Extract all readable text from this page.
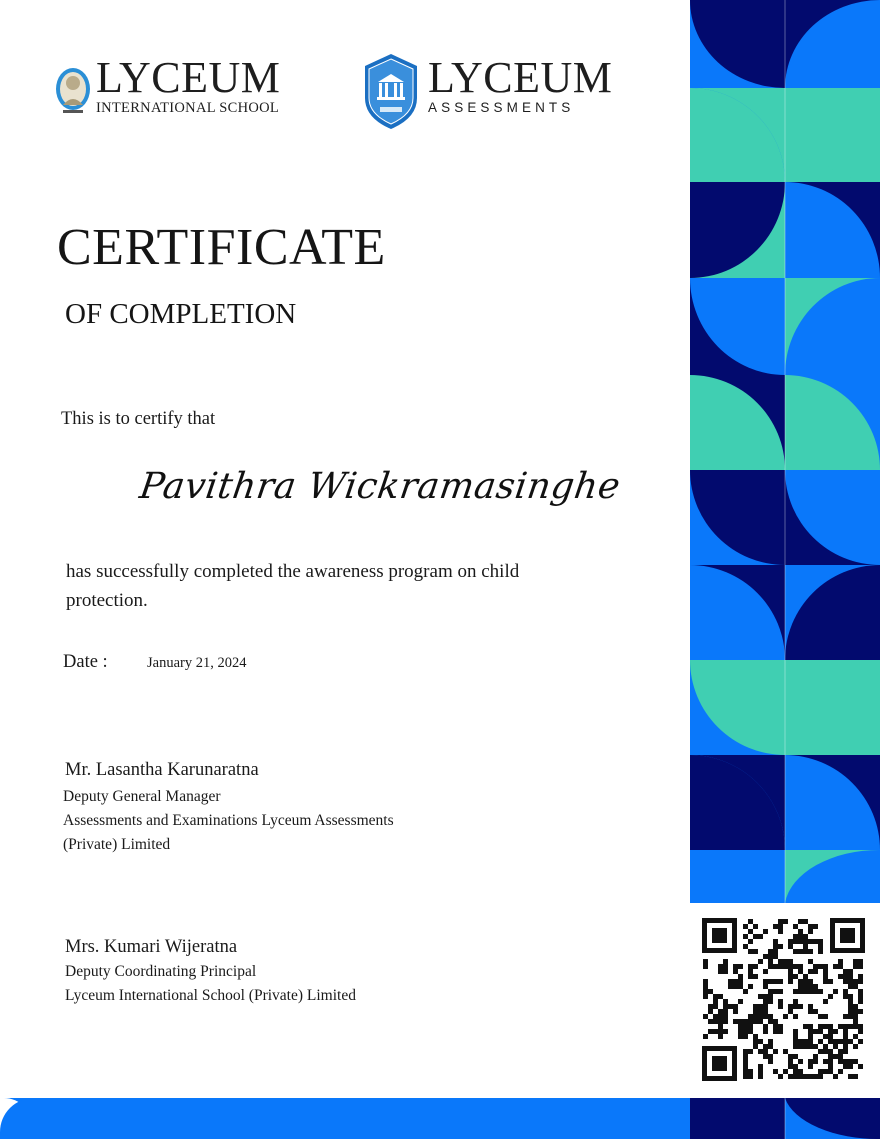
LYCEUM
INTERNATIONAL SCHOOL
LYCEUM
ASSESSMENTS
CERTIFICATE
OF COMPLETION
This is to certify that
Pavithra Wickramasinghe
has successfully completed the awareness program on child protection.
Date :	January 21, 2024
Mr. Lasantha Karunaratna
Deputy General Manager
Assessments and Examinations Lyceum Assessments
(Private) Limited
Mrs. Kumari Wijeratna
Deputy Coordinating Principal
Lyceum International School (Private) Limited
